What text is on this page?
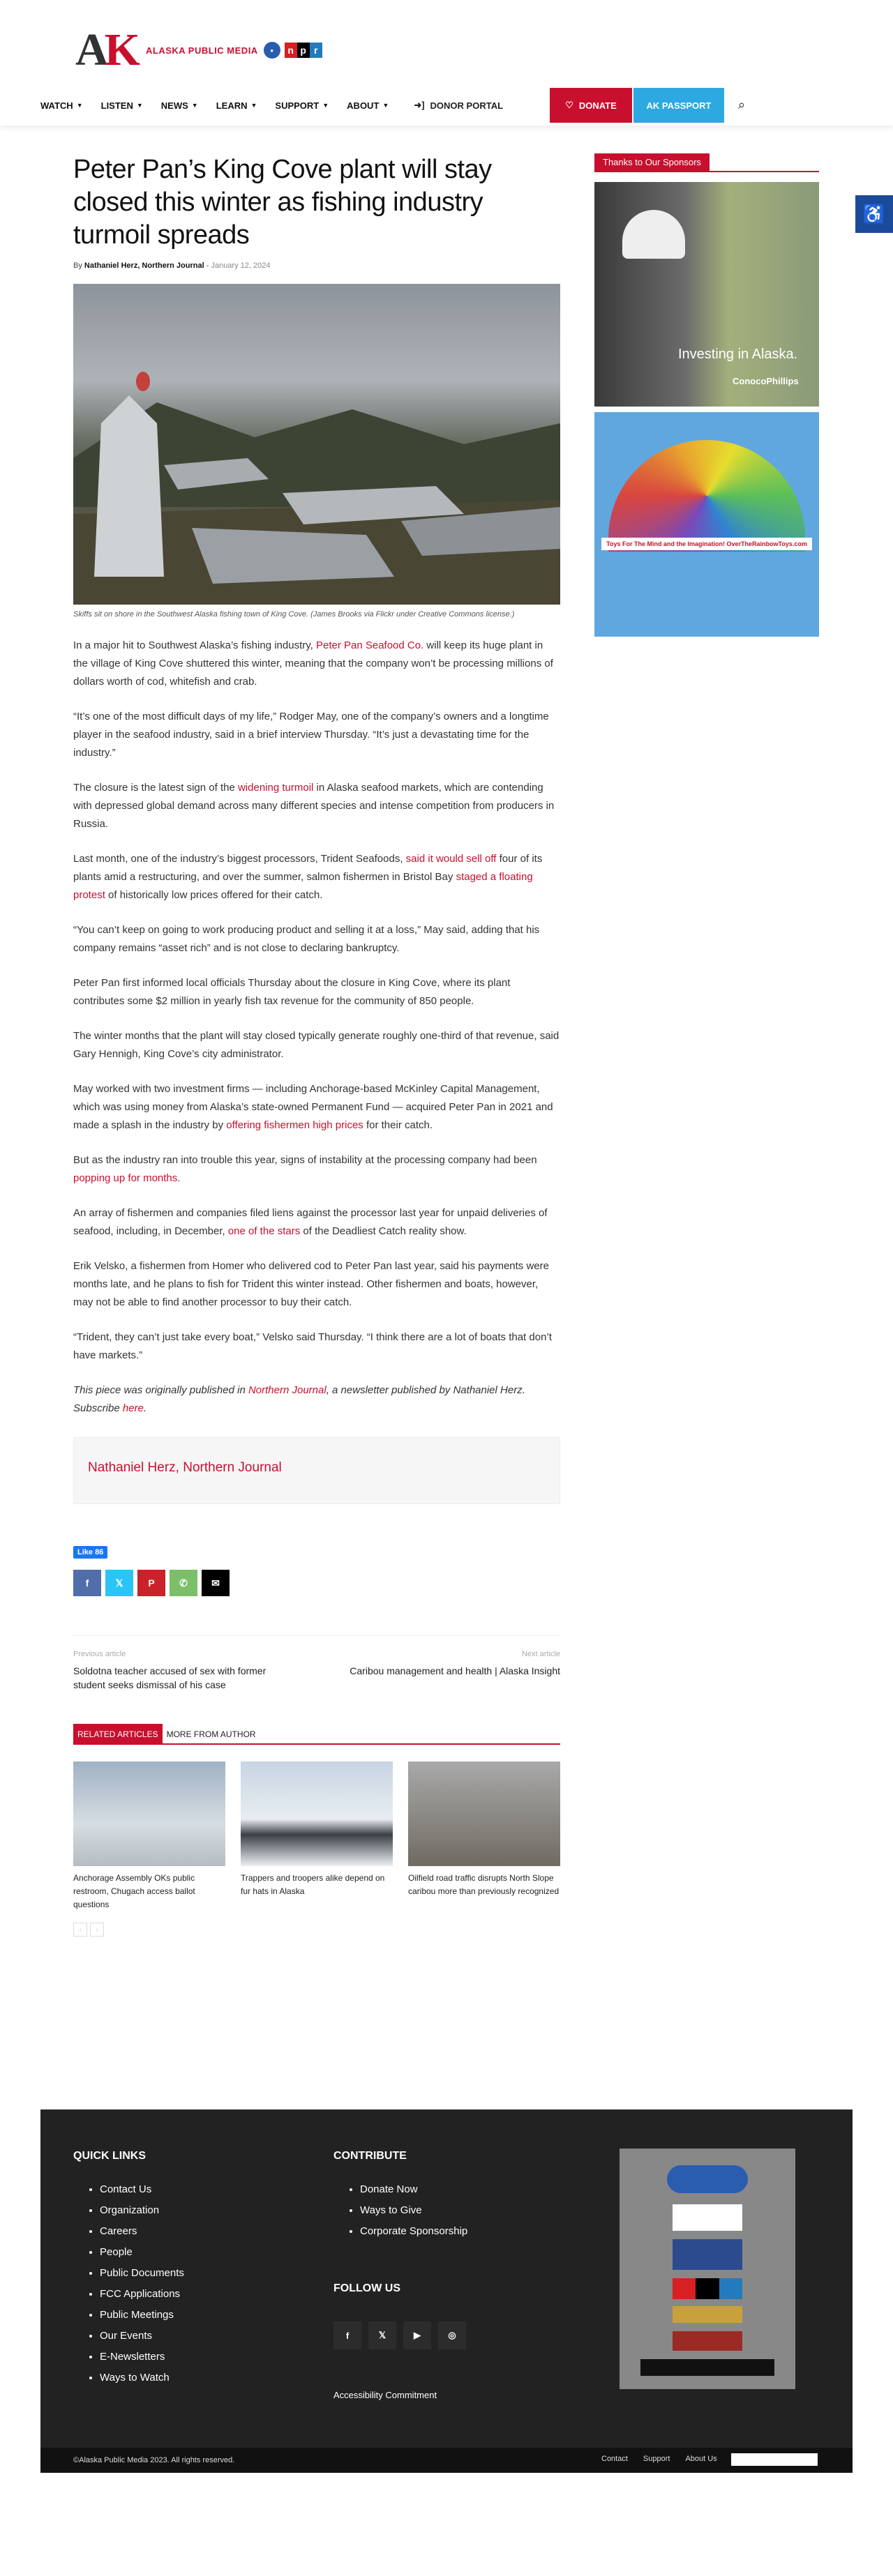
AK ALASKA PUBLIC MEDIA	●	n p r
WATCH ▼ LISTEN ▼ NEWS ▼ LEARN ▼ SUPPORT ▼ ABOUT ▼	➜] DONOR PORTAL	♡ DONATE	AK PASSPORT	⌕
♿
Peter Pan’s King Cove plant will stay closed this winter as fishing industry turmoil spreads
By Nathaniel Herz, Northern Journal - January 12, 2024
Skiffs sit on shore in the Southwest Alaska fishing town of King Cove. (James Brooks via Flickr under Creative Commons license.)

In a major hit to Southwest Alaska’s fishing industry, Peter Pan Seafood Co. will keep its huge plant in the village of King Cove shuttered this winter, meaning that the company won’t be processing millions of dollars worth of cod, whitefish and crab.

“It’s one of the most difficult days of my life,” Rodger May, one of the company’s owners and a longtime player in the seafood industry, said in a brief interview Thursday. “It’s just a devastating time for the industry.”

The closure is the latest sign of the widening turmoil in Alaska seafood markets, which are contending with depressed global demand across many different species and intense competition from producers in Russia.

Last month, one of the industry’s biggest processors, Trident Seafoods, said it would sell off four of its plants amid a restructuring, and over the summer, salmon fishermen in Bristol Bay staged a floating protest of historically low prices offered for their catch.

“You can’t keep on going to work producing product and selling it at a loss,” May said, adding that his company remains “asset rich” and is not close to declaring bankruptcy.

Peter Pan first informed local officials Thursday about the closure in King Cove, where its plant contributes some $2 million in yearly fish tax revenue for the community of 850 people.

The winter months that the plant will stay closed typically generate roughly one-third of that revenue, said Gary Hennigh, King Cove’s city administrator.

May worked with two investment firms — including Anchorage-based McKinley Capital Management, which was using money from Alaska’s state-owned Permanent Fund — acquired Peter Pan in 2021 and made a splash in the industry by offering fishermen high prices for their catch.

But as the industry ran into trouble this year, signs of instability at the processing company had been popping up for months.

An array of fishermen and companies filed liens against the processor last year for unpaid deliveries of seafood, including, in December, one of the stars of the Deadliest Catch reality show.

Erik Velsko, a fishermen from Homer who delivered cod to Peter Pan last year, said his payments were months late, and he plans to fish for Trident this winter instead. Other fishermen and boats, however, may not be able to find another processor to buy their catch.

“Trident, they can’t just take every boat,” Velsko said Thursday. “I think there are a lot of boats that don’t have markets.”

This piece was originally published in Northern Journal, a newsletter published by Nathaniel Herz. Subscribe here.

Nathaniel Herz, Northern Journal
Like 86
f	𝕏	P	✆	✉
Previous article
Soldotna teacher accused of sex with former student seeks dismissal of his case
Next article
Caribou management and health | Alaska Insight
RELATED ARTICLES	MORE FROM AUTHOR
Anchorage Assembly OKs public restroom, Chugach access ballot questions
Trappers and troopers alike depend on fur hats in Alaska
Oilfield road traffic disrupts North Slope caribou more than previously recognized
‹	›
Thanks to Our Sponsors
Investing in Alaska.
ConocoPhillips
Toys For The Mind and the Imagination! OverTheRainbowToys.com
QUICK LINKS
• Contact Us
• Organization
• Careers
• People
• Public Documents
• FCC Applications
• Public Meetings
• Our Events
• E-Newsletters
• Ways to Watch
CONTRIBUTE
• Donate Now
• Ways to Give
• Corporate Sponsorship
FOLLOW US
f	𝕏	▶	◎
Accessibility Commitment
©Alaska Public Media 2023. All rights reserved.	Contact Support About Us
